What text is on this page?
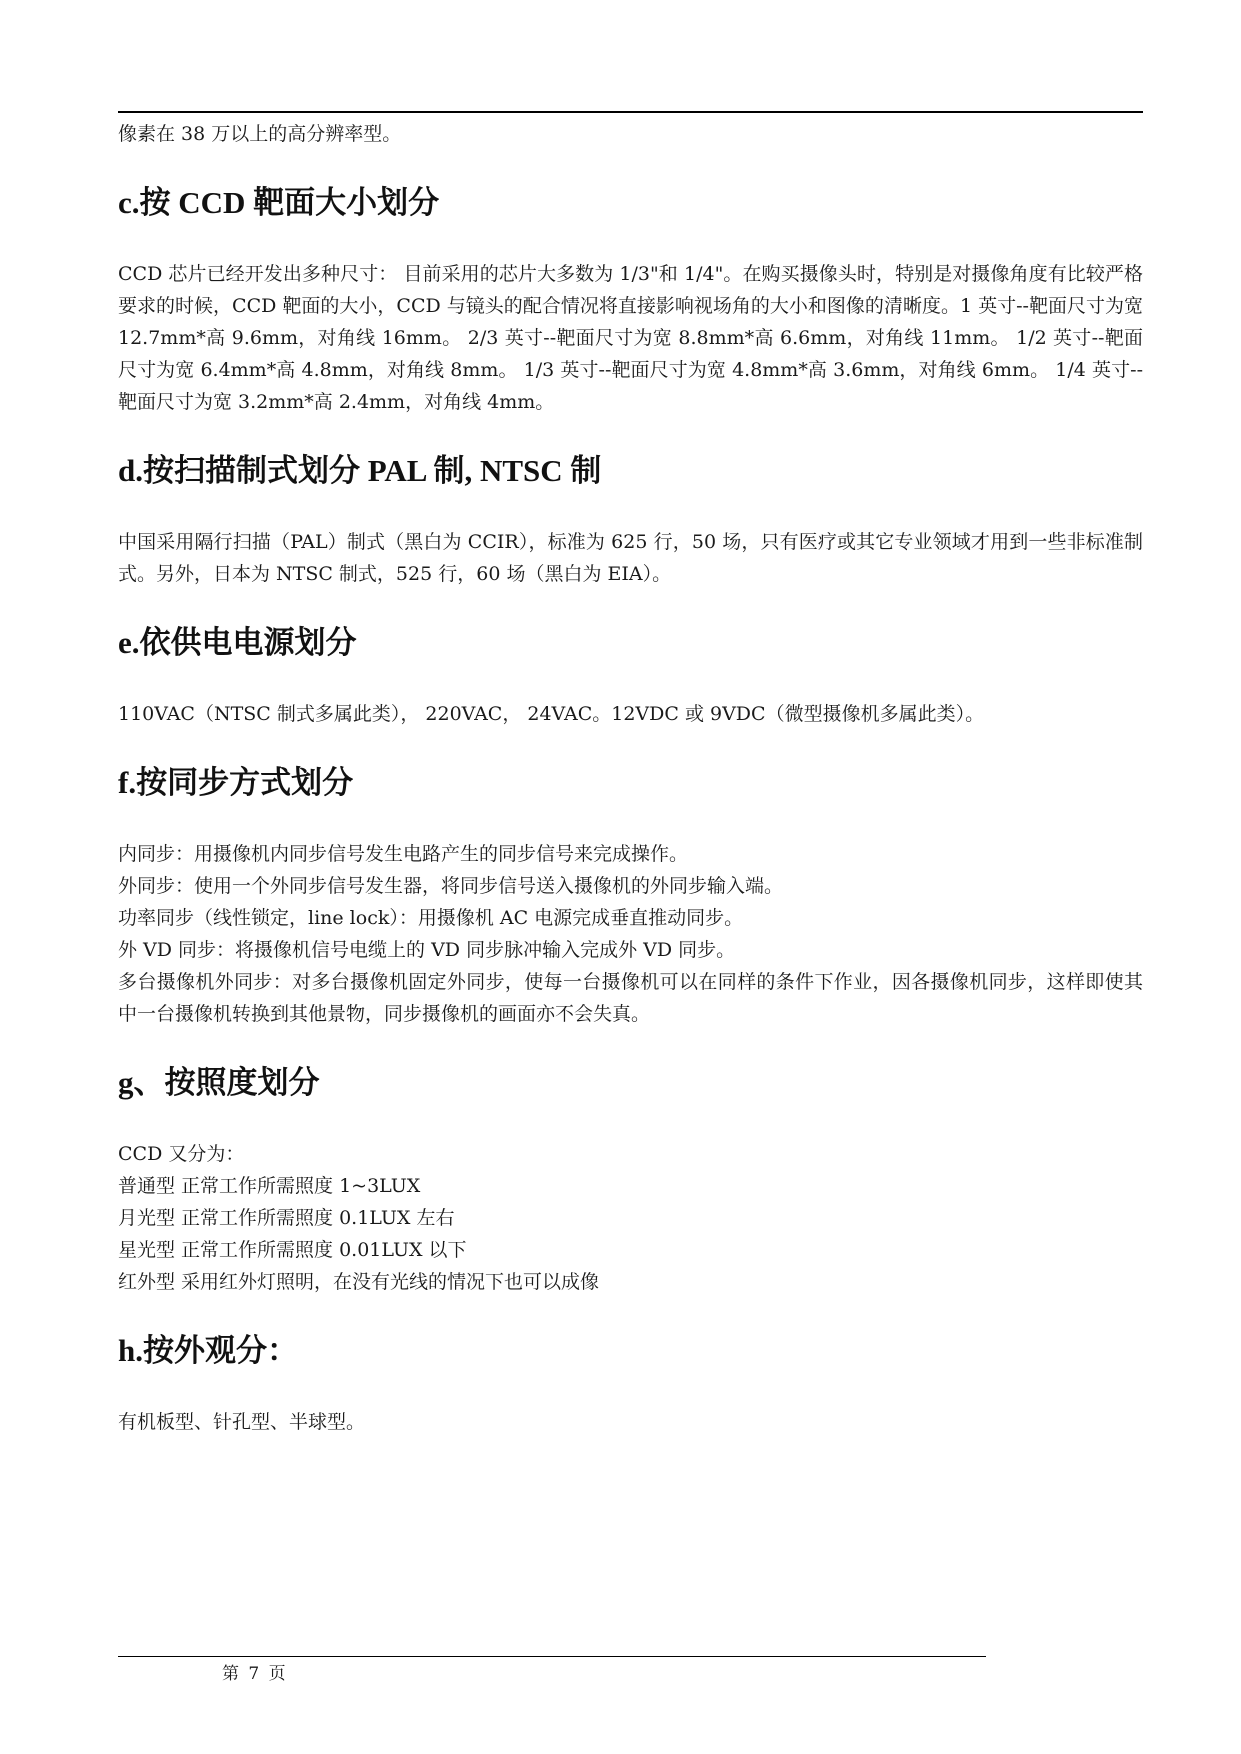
像素在 38 万以上的高分辨率型。

c.按 CCD 靶面大小划分

CCD 芯片已经开发出多种尺寸： 目前采用的芯片大多数为 1/3"和 1/4"。在购买摄像头时，特别是对摄像角度有比较严格要求的时候，CCD 靶面的大小，CCD 与镜头的配合情况将直接影响视场角的大小和图像的清晰度。1 英寸--靶面尺寸为宽 12.7mm*高 9.6mm，对角线 16mm。 2/3 英寸--靶面尺寸为宽 8.8mm*高 6.6mm，对角线 11mm。 1/2 英寸--靶面尺寸为宽 6.4mm*高 4.8mm，对角线 8mm。 1/3 英寸--靶面尺寸为宽 4.8mm*高 3.6mm，对角线 6mm。 1/4 英寸--靶面尺寸为宽 3.2mm*高 2.4mm，对角线 4mm。

d.按扫描制式划分 PAL 制, NTSC 制

中国采用隔行扫描（PAL）制式（黑白为 CCIR），标准为 625 行，50 场，只有医疗或其它专业领域才用到一些非标准制式。另外，日本为 NTSC 制式，525 行，60 场（黑白为 EIA）。

e.依供电电源划分

110VAC（NTSC 制式多属此类）， 220VAC， 24VAC。12VDC 或 9VDC（微型摄像机多属此类）。

f.按同步方式划分

内同步：用摄像机内同步信号发生电路产生的同步信号来完成操作。

外同步：使用一个外同步信号发生器，将同步信号送入摄像机的外同步输入端。

功率同步（线性锁定，line lock）：用摄像机 AC 电源完成垂直推动同步。

外 VD 同步：将摄像机信号电缆上的 VD 同步脉冲输入完成外 VD 同步。

多台摄像机外同步：对多台摄像机固定外同步，使每一台摄像机可以在同样的条件下作业，因各摄像机同步，这样即使其中一台摄像机转换到其他景物，同步摄像机的画面亦不会失真。

g、按照度划分

CCD 又分为：

普通型 正常工作所需照度 1~3LUX

月光型 正常工作所需照度 0.1LUX 左右

星光型 正常工作所需照度 0.01LUX 以下

红外型 采用红外灯照明，在没有光线的情况下也可以成像

h.按外观分：

有机板型、针孔型、半球型。

第 7 页
